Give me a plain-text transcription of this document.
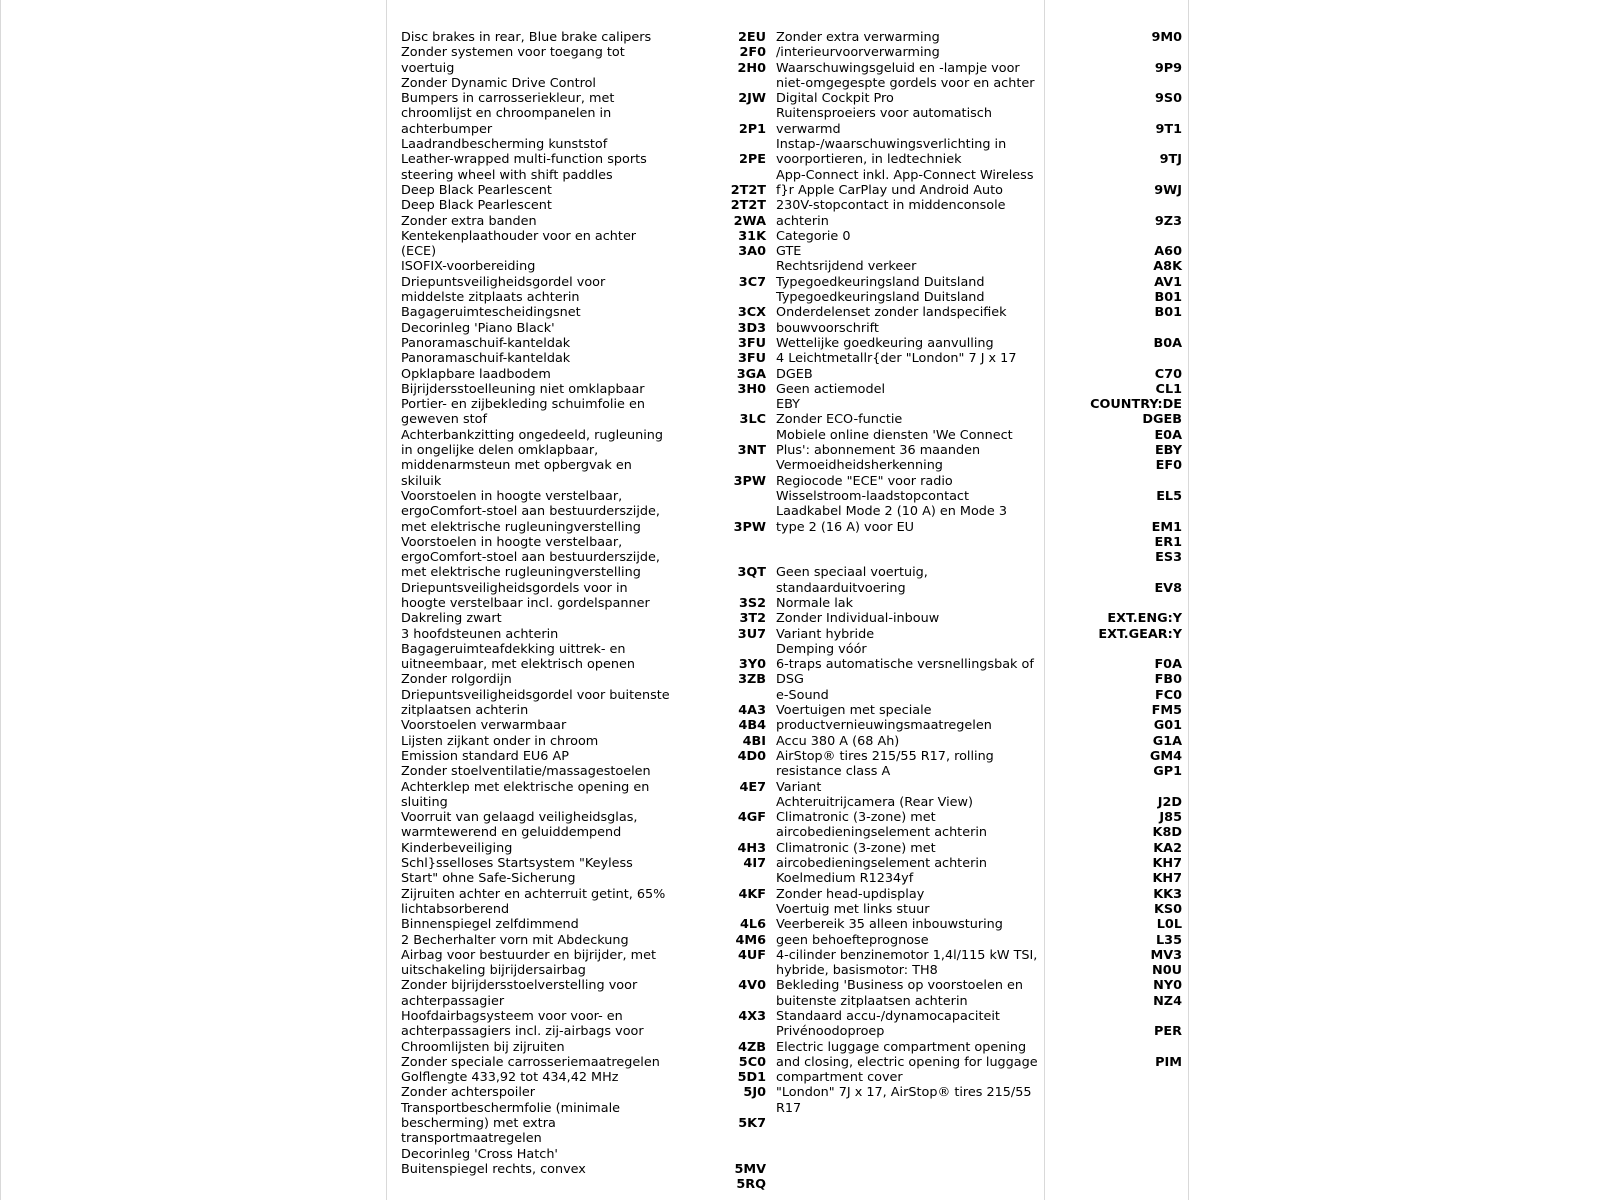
Disc brakes in rear, Blue brake calipers
Zonder systemen voor toegang tot voertuig
Zonder Dynamic Drive Control
Bumpers in carrosseriekleur, met chroomlijst en chroompanelen in achterbumper
Laadrandbescherming kunststof
Leather-wrapped multi-function sports steering wheel with shift paddles
Deep Black Pearlescent
Deep Black Pearlescent
Zonder extra banden
Kentekenplaathouder voor en achter (ECE)
ISOFIX-voorbereiding
Driepuntsveiligheidsgordel voor middelste zitplaats achterin
Bagageruimtescheidingsnet
Decorinleg 'Piano Black'
Panoramaschuif-kanteldak
Panoramaschuif-kanteldak
Opklapbare laadbodem
Bijrijdersstoelleuning niet omklapbaar
Portier- en zijbekleding schuimfolie en geweven stof
Achterbankzitting ongedeeld, rugleuning in ongelijke delen omklapbaar, middenarmsteun met opbergvak en skiluik
Voorstoelen in hoogte verstelbaar, ergoComfort-stoel aan bestuurderszijde, met elektrische rugleuningverstelling
Voorstoelen in hoogte verstelbaar, ergoComfort-stoel aan bestuurderszijde, met elektrische rugleuningverstelling
Driepuntsveiligheidsgordels voor in hoogte verstelbaar incl. gordelspanner
Dakreling zwart
3 hoofdsteunen achterin
Bagageruimteafdekking uittrek- en uitneembaar, met elektrisch openen
Zonder rolgordijn
Driepuntsveiligheidsgordel voor buitenste zitplaatsen achterin
Voorstoelen verwarmbaar
Lijsten zijkant onder in chroom
Emission standard EU6 AP
Zonder stoelventilatie/massagestoelen
Achterklep met elektrische opening en sluiting
Voorruit van gelaagd veiligheidsglas, warmtewerend en geluiddempend
Kinderbeveiliging
Schl}sselloses Startsystem "Keyless Start" ohne Safe-Sicherung
Zijruiten achter en achterruit getint, 65% lichtabsorberend
Binnenspiegel zelfdimmend
2 Becherhalter vorn mit Abdeckung
Airbag voor bestuurder en bijrijder, met uitschakeling bijrijdersairbag
Zonder bijrijdersstoelverstelling voor achterpassagier
Hoofdairbagsysteem voor voor- en achterpassagiers incl. zij-airbags voor
Chroomlijsten bij zijruiten
Zonder speciale carrosseriemaatregelen
Golflengte 433,92 tot 434,42 MHz
Zonder achterspoiler
Transportbeschermfolie (minimale bescherming) met extra transportmaatregelen
Decorinleg 'Cross Hatch'
Buitenspiegel rechts, convex
2EU
2F0
2H0
2JW
2P1
2PE
2T2T
2T2T
2WA
31K
3A0
3C7
3CX
3D3
3FU
3FU
3GA
3H0
3LC
3NT
3PW
3PW
3QT
3S2
3T2
3U7
3Y0
3ZB
4A3
4B4
4BI
4D0
4E7
4GF
4H3
4I7
4KF
4L6
4M6
4UF
4V0
4X3
4ZB
5C0
5D1
5J0
5K7
5MV
5RQ
Zonder extra verwarming /interieurvoorverwarming
Waarschuwingsgeluid en -lampje voor niet-omgegespte gordels voor en achter
Digital Cockpit Pro
Ruitensproeiers voor automatisch verwarmd
Instap-/waarschuwingsverlichting in voorportieren, in ledtechniek
App-Connect inkl. App-Connect Wireless f}r Apple CarPlay und Android Auto
230V-stopcontact in middenconsole achterin
Categorie 0
GTE
Rechtsrijdend verkeer
Typegoedkeuringsland Duitsland
Typegoedkeuringsland Duitsland
Onderdelenset zonder landspecifiek bouwvoorschrift
Wettelijke goedkeuring aanvulling
4 Leichtmetallr{der "London" 7 J x 17
DGEB
Geen actiemodel
EBY
Zonder ECO-functie
Mobiele online diensten 'We Connect Plus': abonnement 36 maanden
Vermoeidheidsherkenning
Regiocode "ECE" voor radio
Wisselstroom-laadstopcontact
Laadkabel Mode 2 (10 A) en Mode 3 type 2 (16 A) voor EU
Geen speciaal voertuig, standaarduitvoering
Normale lak
Zonder Individual-inbouw
Variant hybride
Demping vóór
6-traps automatische versnellingsbak of DSG
e-Sound
Voertuigen met speciale productvernieuwingsmaatregelen
Accu 380 A (68 Ah)
AirStop® tires 215/55 R17, rolling resistance class A
Variant
Achteruitrijcamera (Rear View)
Climatronic (3-zone) met aircobedieningselement achterin
Climatronic (3-zone) met aircobedieningselement achterin
Koelmedium R1234yf
Zonder head-updisplay
Voertuig met links stuur
Veerbereik 35 alleen inbouwsturing geen behoefteprognose
4-cilinder benzinemotor 1,4l/115 kW TSI, hybride, basismotor: TH8
Bekleding 'Business op voorstoelen en buitenste zitplaatsen achterin
Standaard accu-/dynamocapaciteit
Privénoodoproep
Electric luggage compartment opening and closing, electric opening for luggage compartment cover
"London" 7J x 17, AirStop® tires 215/55 R17
9M0
9P9
9S0
9T1
9TJ
9WJ
9Z3
A60
A8K
AV1
B01
B01
B0A
C70
CL1
COUNTRY:DE
DGEB
E0A
EBY
EF0
EL5
EM1
ER1
ES3
EV8
EXT.ENG:Y
EXT.GEAR:Y
F0A
FB0
FC0
FM5
G01
G1A
GM4
GP1
J2D
J85
K8D
KA2
KH7
KH7
KK3
KS0
L0L
L35
MV3
N0U
NY0
NZ4
PER
PIM
